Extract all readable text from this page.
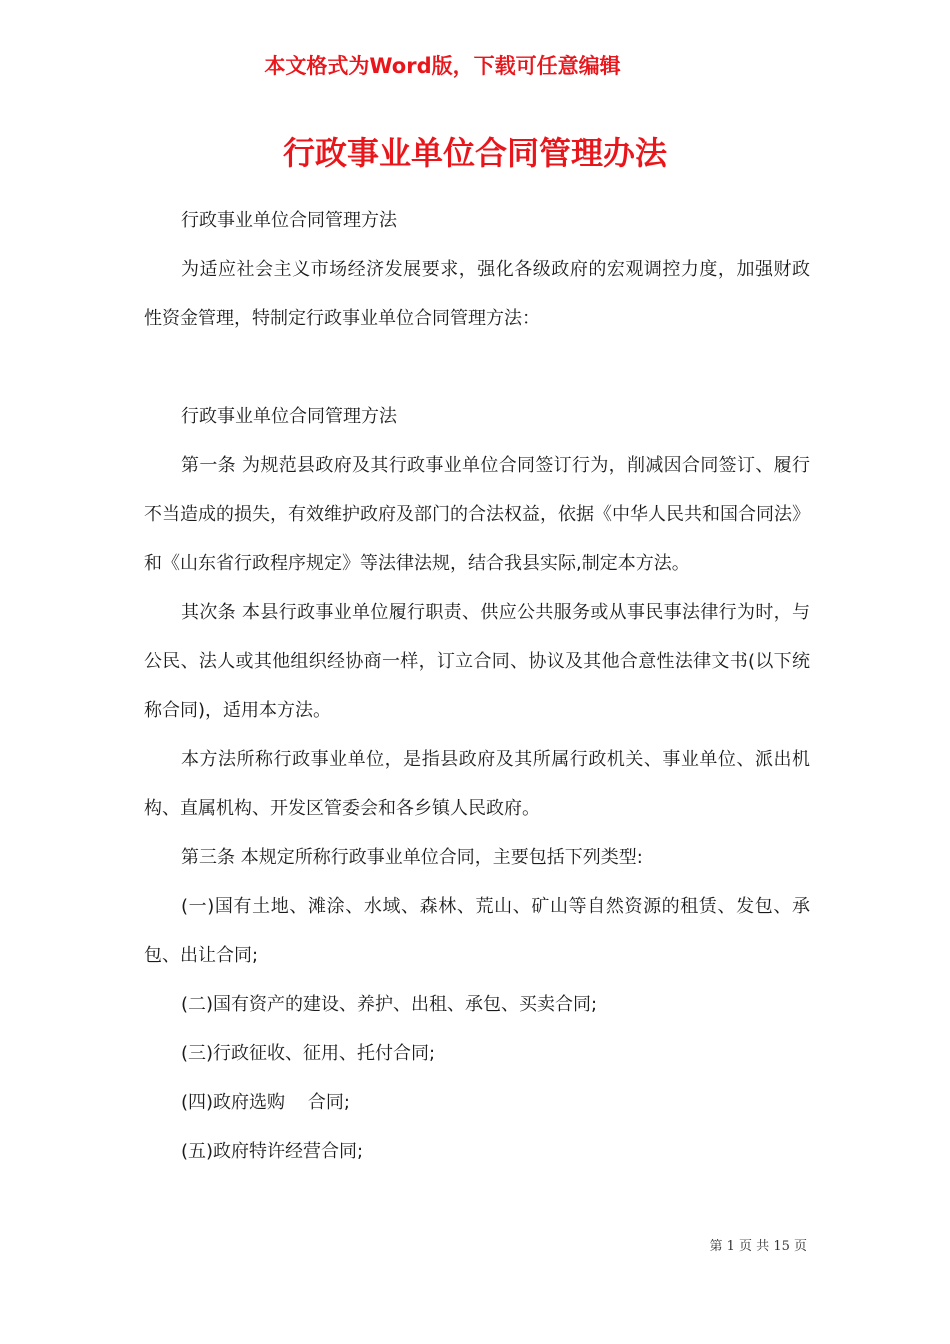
本文格式为Word版，下载可任意编辑
行政事业单位合同管理办法

行政事业单位合同管理方法

为适应社会主义市场经济发展要求，强化各级政府的宏观调控力度，加强财政性资金管理，特制定行政事业单位合同管理方法：

行政事业单位合同管理方法

第一条 为规范县政府及其行政事业单位合同签订行为，削减因合同签订、履行不当造成的损失，有效维护政府及部门的合法权益，依据《中华人民共和国合同法》和《山东省行政程序规定》等法律法规，结合我县实际,制定本方法。

其次条 本县行政事业单位履行职责、供应公共服务或从事民事法律行为时，与公民、法人或其他组织经协商一样，订立合同、协议及其他合意性法律文书(以下统称合同)，适用本方法。

本方法所称行政事业单位，是指县政府及其所属行政机关、事业单位、派出机构、直属机构、开发区管委会和各乡镇人民政府。

第三条 本规定所称行政事业单位合同，主要包括下列类型:

(一)国有土地、滩涂、水域、森林、荒山、矿山等自然资源的租赁、发包、承包、出让合同;

(二)国有资产的建设、养护、出租、承包、买卖合同;

(三)行政征收、征用、托付合同;

(四)政府选购    合同;

(五)政府特许经营合同;

第 1 页 共 15 页
